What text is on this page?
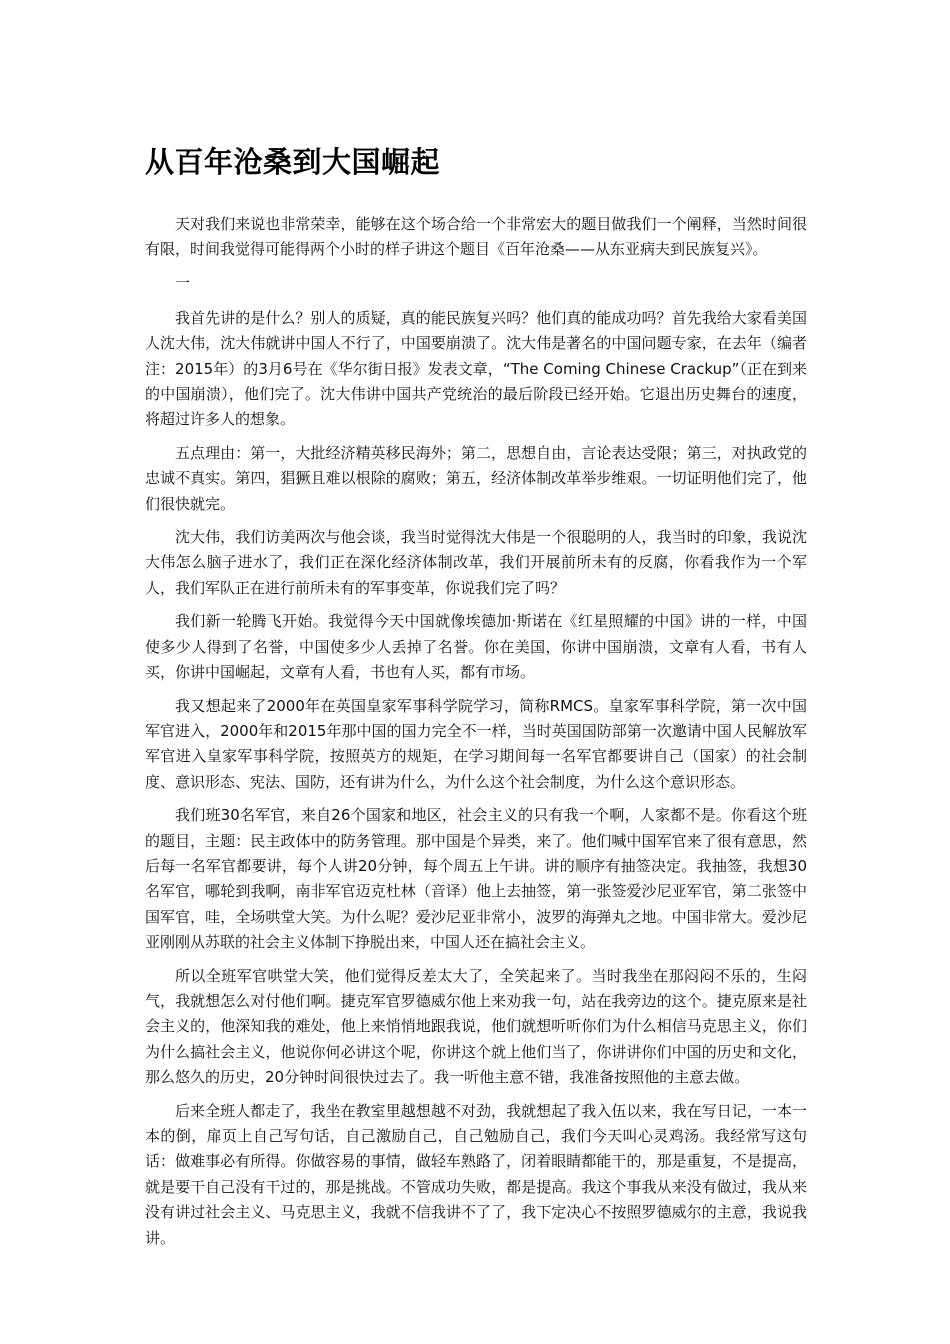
从百年沧桑到大国崛起

天对我们来说也非常荣幸，能够在这个场合给一个非常宏大的题目做我们一个阐释，当然时间很有限，时间我觉得可能得两个小时的样子讲这个题目《百年沧桑——从东亚病夫到民族复兴》。

一

我首先讲的是什么？别人的质疑，真的能民族复兴吗？他们真的能成功吗？首先我给大家看美国人沈大伟，沈大伟就讲中国人不行了，中国要崩溃了。沈大伟是著名的中国问题专家，在去年（编者注：2015年）的3月6号在《华尔街日报》发表文章，“The Coming Chinese Crackup”（正在到来的中国崩溃），他们完了。沈大伟讲中国共产党统治的最后阶段已经开始。它退出历史舞台的速度，将超过许多人的想象。

五点理由：第一，大批经济精英移民海外；第二，思想自由，言论表达受限；第三，对执政党的忠诚不真实。第四，猖獗且难以根除的腐败；第五，经济体制改革举步维艰。一切证明他们完了，他们很快就完。

沈大伟，我们访美两次与他会谈，我当时觉得沈大伟是一个很聪明的人，我当时的印象，我说沈大伟怎么脑子进水了，我们正在深化经济体制改革，我们开展前所未有的反腐，你看我作为一个军人，我们军队正在进行前所未有的军事变革，你说我们完了吗？

我们新一轮腾飞开始。我觉得今天中国就像埃德加·斯诺在《红星照耀的中国》讲的一样，中国使多少人得到了名誉，中国使多少人丢掉了名誉。你在美国，你讲中国崩溃，文章有人看，书有人买，你讲中国崛起，文章有人看，书也有人买，都有市场。

我又想起来了2000年在英国皇家军事科学院学习，简称RMCS。皇家军事科学院，第一次中国军官进入，2000年和2015年那中国的国力完全不一样，当时英国国防部第一次邀请中国人民解放军军官进入皇家军事科学院，按照英方的规矩，在学习期间每一名军官都要讲自己（国家）的社会制度、意识形态、宪法、国防，还有讲为什么，为什么这个社会制度，为什么这个意识形态。

我们班30名军官，来自26个国家和地区，社会主义的只有我一个啊，人家都不是。你看这个班的题目，主题：民主政体中的防务管理。那中国是个异类，来了。他们喊中国军官来了很有意思，然后每一名军官都要讲，每个人讲20分钟，每个周五上午讲。讲的顺序有抽签决定。我抽签，我想30名军官，哪轮到我啊，南非军官迈克杜林（音译）他上去抽签，第一张签爱沙尼亚军官，第二张签中国军官，哇，全场哄堂大笑。为什么呢？爱沙尼亚非常小，波罗的海弹丸之地。中国非常大。爱沙尼亚刚刚从苏联的社会主义体制下挣脱出来，中国人还在搞社会主义。

所以全班军官哄堂大笑，他们觉得反差太大了，全笑起来了。当时我坐在那闷闷不乐的，生闷气，我就想怎么对付他们啊。捷克军官罗德威尔他上来劝我一句，站在我旁边的这个。捷克原来是社会主义的，他深知我的难处，他上来悄悄地跟我说，他们就想听听你们为什么相信马克思主义，你们为什么搞社会主义，他说你何必讲这个呢，你讲这个就上他们当了，你讲讲你们中国的历史和文化，那么悠久的历史，20分钟时间很快过去了。我一听他主意不错，我准备按照他的主意去做。

后来全班人都走了，我坐在教室里越想越不对劲，我就想起了我入伍以来，我在写日记，一本一本的倒，扉页上自己写句话，自己激励自己，自己勉励自己，我们今天叫心灵鸡汤。我经常写这句话：做难事必有所得。你做容易的事情，做轻车熟路了，闭着眼睛都能干的，那是重复，不是提高，就是要干自己没有干过的，那是挑战。不管成功失败，都是提高。我这个事我从来没有做过，我从来没有讲过社会主义、马克思主义，我就不信我讲不了了，我下定决心不按照罗德威尔的主意，我说我讲。
